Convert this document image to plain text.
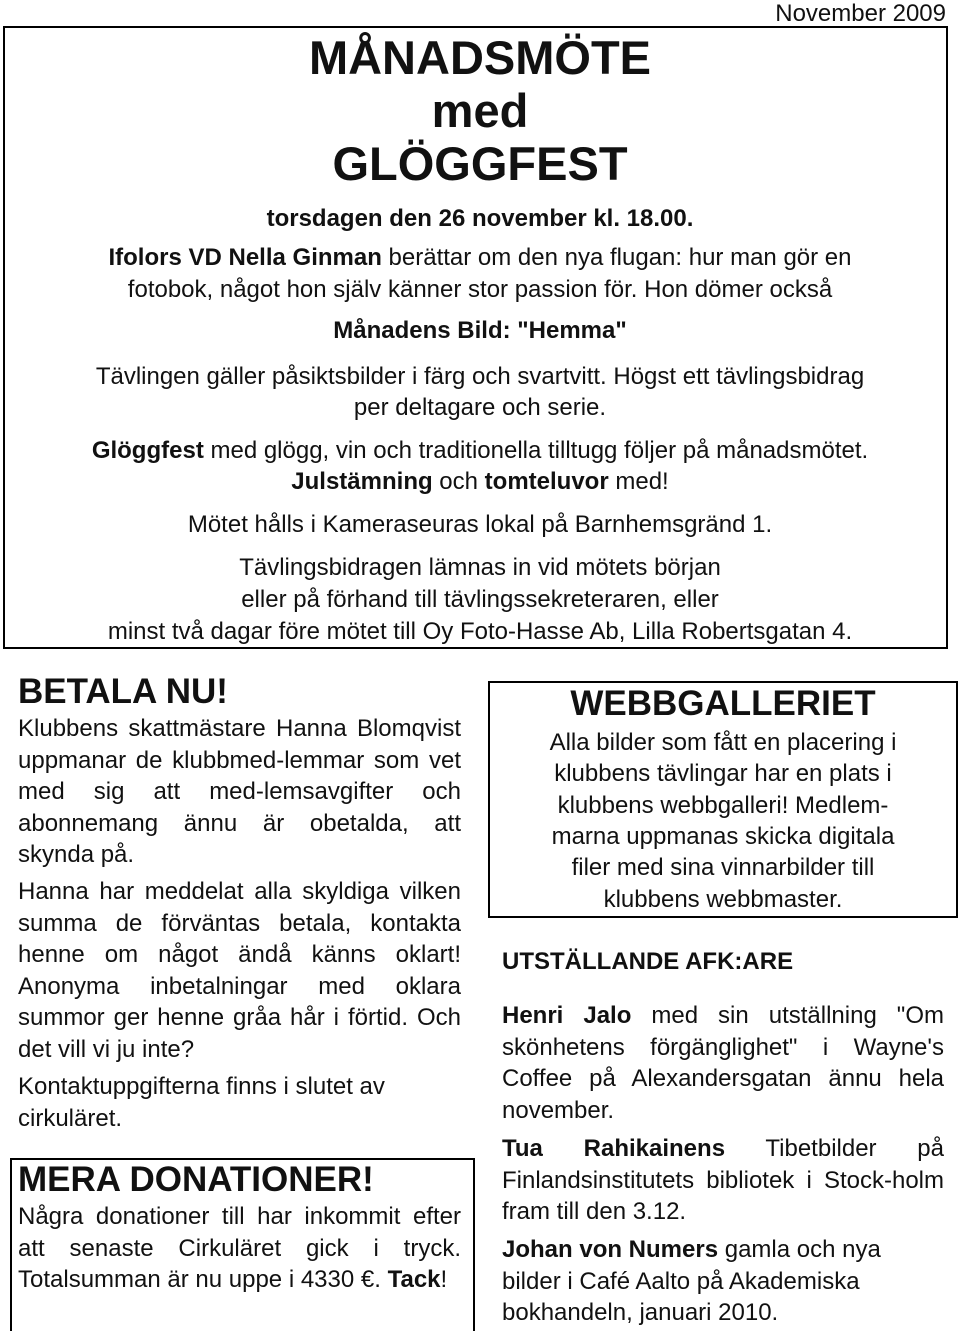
November 2009
MÅNADSMÖTE
med
GLÖGGFEST
torsdagen den 26 november kl. 18.00.
Ifolors VD Nella Ginman berättar om den nya flugan: hur man gör en
fotobok, något hon själv känner stor passion för. Hon dömer också
Månadens Bild: "Hemma"
Tävlingen gäller påsiktsbilder i färg och svartvitt. Högst ett tävlingsbidrag
per deltagare och serie.
Glöggfest med glögg, vin och traditionella tilltugg följer på månadsmötet.
Julstämning och tomteluvor med!
Mötet hålls i Kameraseuras lokal på Barnhemsgränd 1.
Tävlingsbidragen lämnas in vid mötets början
eller på förhand till tävlingssekreteraren, eller
minst två dagar före mötet till Oy Foto-Hasse Ab, Lilla Robertsgatan 4.
BETALA NU!
Klubbens skattmästare Hanna Blomqvist uppmanar de klubbmed-lemmar som vet med sig att med-lemsavgifter och abonnemang ännu är obetalda, att skynda på.
Hanna har meddelat alla skyldiga vilken summa de förväntas betala, kontakta henne om något ändå känns oklart! Anonyma inbetalningar med oklara summor ger henne gråa hår i förtid. Och det vill vi ju inte?
Kontaktuppgifterna finns i slutet av cirkuläret.
MERA DONATIONER!
Några donationer till har inkommit efter att senaste Cirkuläret gick i tryck. Totalsumman är nu uppe i 4330 €. Tack!
WEBBGALLERIET
Alla bilder som fått en placering i
klubbens tävlingar har en plats i
klubbens webbgalleri! Medlem-
marna uppmanas skicka digitala
filer med sina vinnarbilder till
klubbens webbmaster.
UTSTÄLLANDE AFK:ARE
Henri Jalo med sin utställning "Om skönhetens förgänglighet" i Wayne's Coffee på Alexandersgatan ännu hela november.
Tua Rahikainens Tibetbilder på Finlandsinstitutets bibliotek i Stock-holm fram till den 3.12.
Johan von Numers gamla och nya bilder i Café Aalto på Akademiska bokhandeln, januari 2010.
